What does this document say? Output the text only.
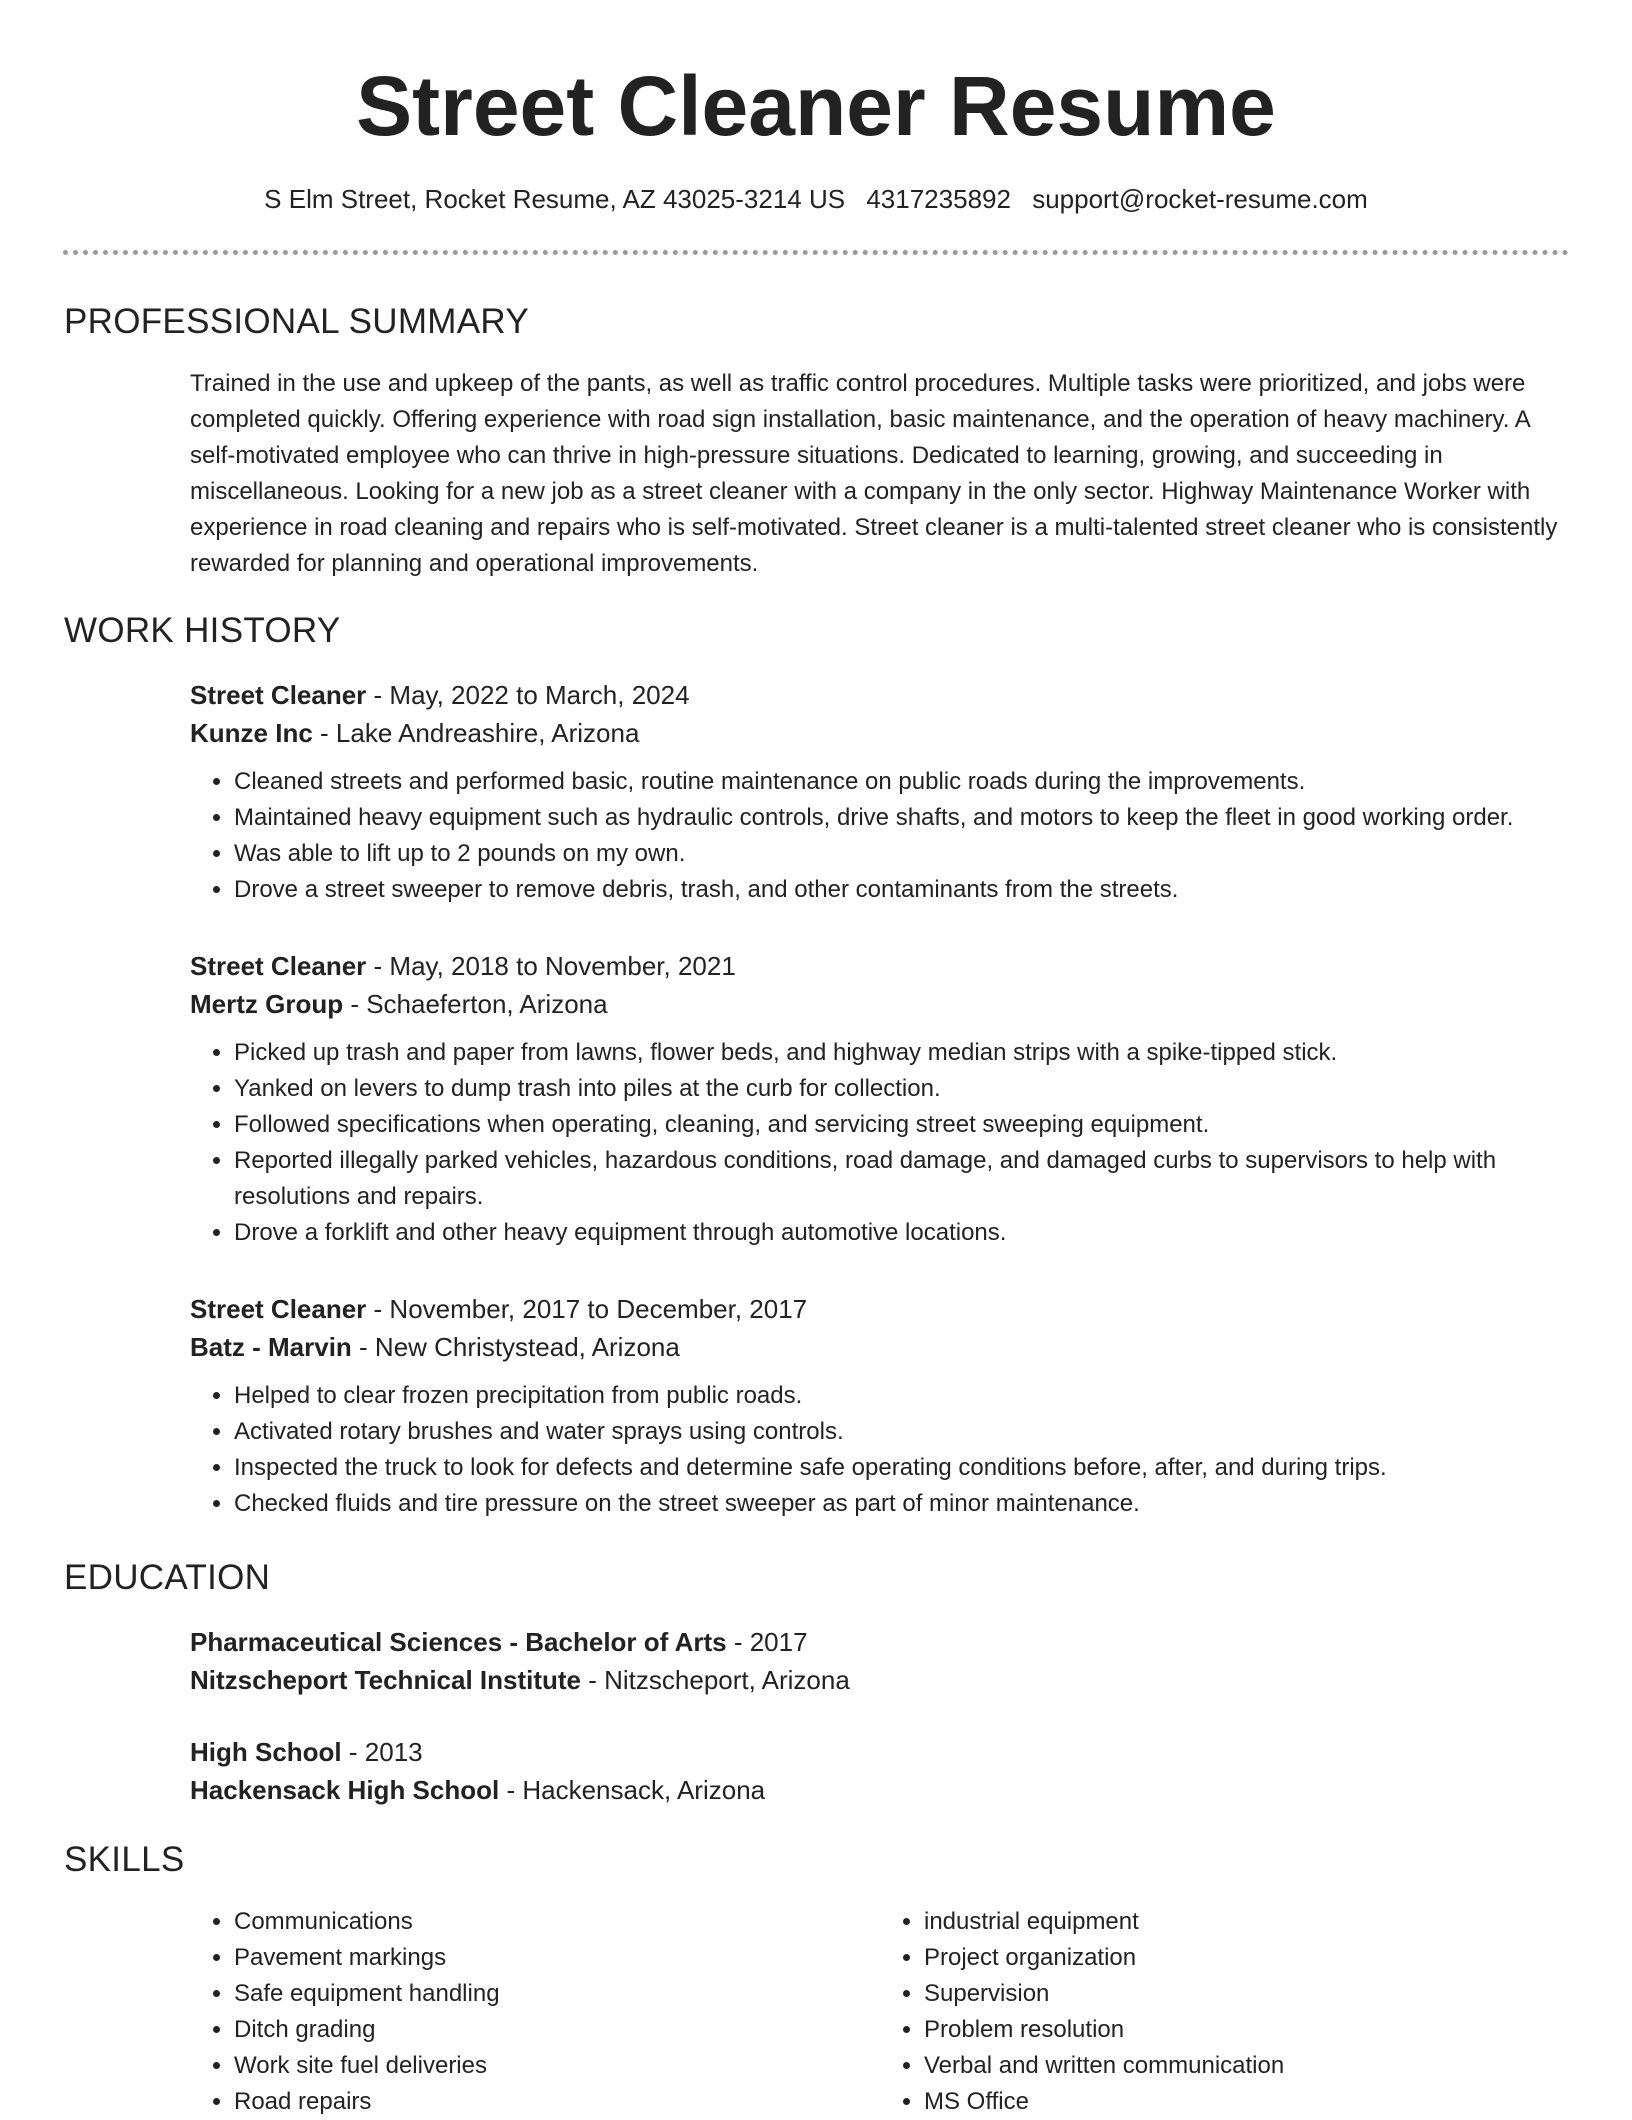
Street Cleaner Resume
S Elm Street, Rocket Resume, AZ 43025-3214 US 4317235892 support@rocket-resume.com
PROFESSIONAL SUMMARY

Trained in the use and upkeep of the pants, as well as traffic control procedures. Multiple tasks were prioritized, and jobs were completed quickly. Offering experience with road sign installation, basic maintenance, and the operation of heavy machinery. A self-motivated employee who can thrive in high-pressure situations. Dedicated to learning, growing, and succeeding in miscellaneous. Looking for a new job as a street cleaner with a company in the only sector. Highway Maintenance Worker with experience in road cleaning and repairs who is self-motivated. Street cleaner is a multi-talented street cleaner who is consistently rewarded for planning and operational improvements.

WORK HISTORY

Street Cleaner - May, 2022 to March, 2024

Kunze Inc - Lake Andreashire, Arizona

• Cleaned streets and performed basic, routine maintenance on public roads during the improvements.
• Maintained heavy equipment such as hydraulic controls, drive shafts, and motors to keep the fleet in good working order.
• Was able to lift up to 2 pounds on my own.
• Drove a street sweeper to remove debris, trash, and other contaminants from the streets.

Street Cleaner - May, 2018 to November, 2021

Mertz Group - Schaeferton, Arizona

• Picked up trash and paper from lawns, flower beds, and highway median strips with a spike-tipped stick.
• Yanked on levers to dump trash into piles at the curb for collection.
• Followed specifications when operating, cleaning, and servicing street sweeping equipment.
• Reported illegally parked vehicles, hazardous conditions, road damage, and damaged curbs to supervisors to help with resolutions and repairs.
• Drove a forklift and other heavy equipment through automotive locations.

Street Cleaner - November, 2017 to December, 2017

Batz - Marvin - New Christystead, Arizona

• Helped to clear frozen precipitation from public roads.
• Activated rotary brushes and water sprays using controls.
• Inspected the truck to look for defects and determine safe operating conditions before, after, and during trips.
• Checked fluids and tire pressure on the street sweeper as part of minor maintenance.
EDUCATION

Pharmaceutical Sciences - Bachelor of Arts - 2017

Nitzscheport Technical Institute - Nitzscheport, Arizona

High School - 2013

Hackensack High School - Hackensack, Arizona

SKILLS
• Communications
• Pavement markings
• Safe equipment handling
• Ditch grading
• Work site fuel deliveries
• Road repairs
• industrial equipment
• Project organization
• Supervision
• Problem resolution
• Verbal and written communication
• MS Office
